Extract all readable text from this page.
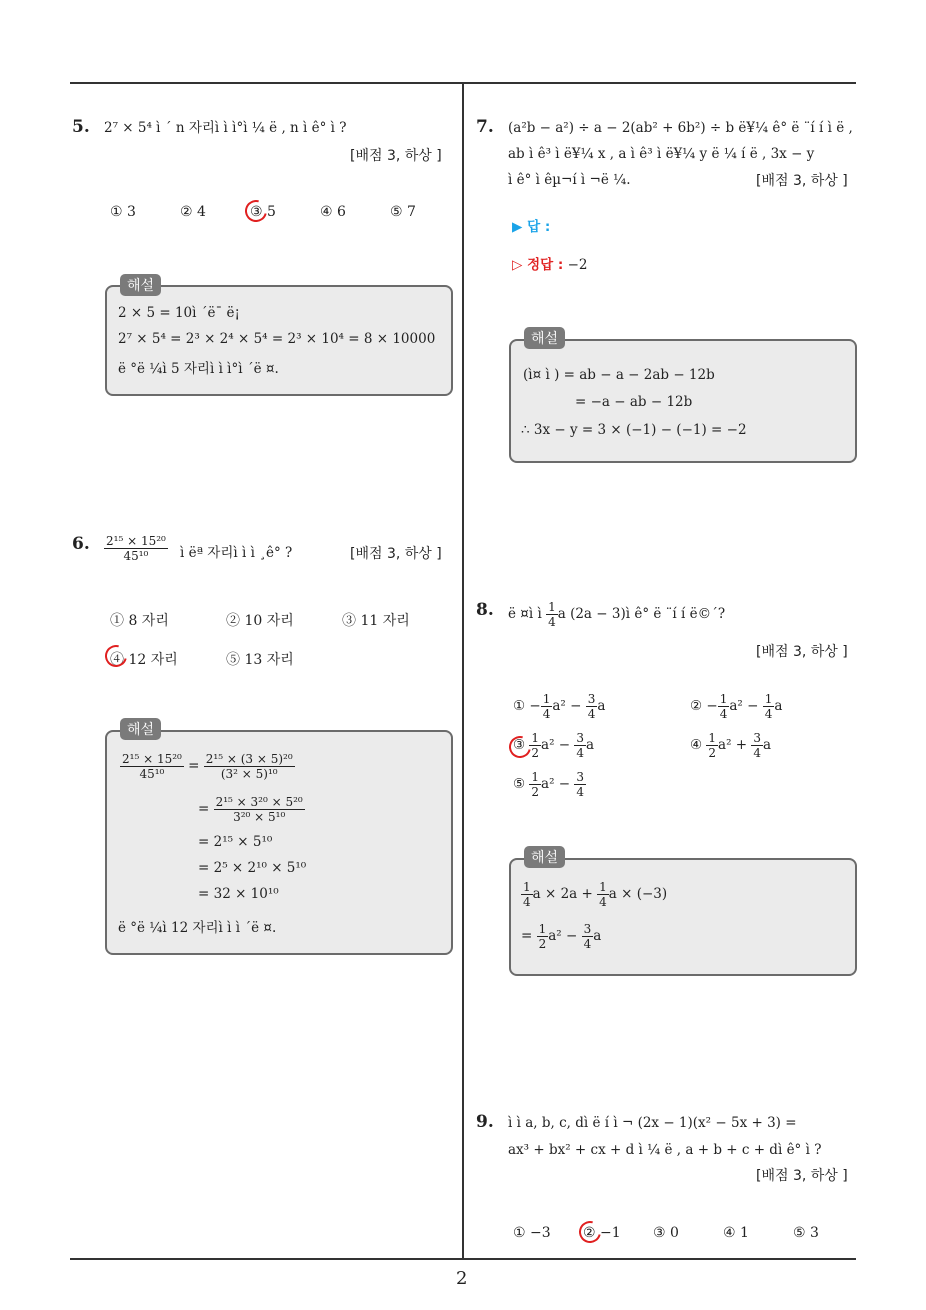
5. 2⁷ × 5⁴ ì ´ n 자리ì ì ì°ì ¼ ë , n ì ê° ì ?
[배점 3, 하상 ]
① 3	② 4	③ 5	④ 6	⑤ 7
해설
2 × 5 = 10ì ´ë¯ ë¡
2⁷ × 5⁴ = 2³ × 2⁴ × 5⁴ = 2³ × 10⁴ = 8 × 10000
ë °ë ¼ì 5 자리ì ì ì°ì ´ë ¤.
6. $\frac{\text{2¹⁵ × 15²⁰}}{\text{45¹⁰}}$ ì ëª 자리ì ì ì ¸ê° ?	[배점 3, 하상 ]
① 8 자리	② 10 자리	③ 11 자리
④ 12 자리	⑤ 13 자리
해설
$\frac{\text{2¹⁵ × 15²⁰}}{\text{45¹⁰}} = \frac{\text{2¹⁵ × (3 × 5)²⁰}}{\text{(3² × 5)¹⁰}}$
= $\frac{\text{2¹⁵ × 3²⁰ × 5²⁰}}{\text{3²⁰ × 5¹⁰}}$
= 2¹⁵ × 5¹⁰
= 2⁵ × 2¹⁰ × 5¹⁰
= 32 × 10¹⁰
ë °ë ¼ì 12 자리ì ì ì ´ë ¤.
7. (a²b − a²) ÷ a − 2(ab² + 6b²) ÷ b ë¥¼ ê° ë ¨í í ì ë ,
ab ì ê³ ì ë¥¼ x , a ì ê³ ì ë¥¼ y ë ¼ í ë , 3x − y
ì ê° ì êµ¬í ì ¬ë ¼.	[배점 3, 하상 ]
▶ 답 :
▷ 정답 : −2
해설
(ì¤ ì ) = ab − a − 2ab − 12b
= −a − ab − 12b
∴ 3x − y = 3 × (−1) − (−1) = −2
8. ë ¤ì ì $\frac{1}{4}$ a (2a − 3)ì ê° ë ¨í í ë©´?
[배점 3, 하상 ]
① − $\frac{1}{4} a^2 - \frac{3}{4}$ a	② − $\frac{1}{4} a^2 - \frac{1}{4}$ a
③ $\frac{1}{2} a^2 - \frac{3}{4}$ a	④ $\frac{1}{2} a^2 + \frac{3}{4}$ a
⑤ $\frac{1}{2} a^2 - \frac{3}{4}$
해설
$\frac{1}{4}$ $a \times 2a + \frac{1}{4}$ a × (−3)
= $\frac{1}{2} a^2 - \frac{3}{4}$ a
9. ì ì a, b, c, dì ë í ì ¬ (2x − 1)(x² − 5x + 3) =
ax³ + bx² + cx + d ì ¼ ë , a + b + c + dì ê° ì ?
[배점 3, 하상 ]
① −3 ② −1 ③ 0	④ 1	⑤ 3
2
